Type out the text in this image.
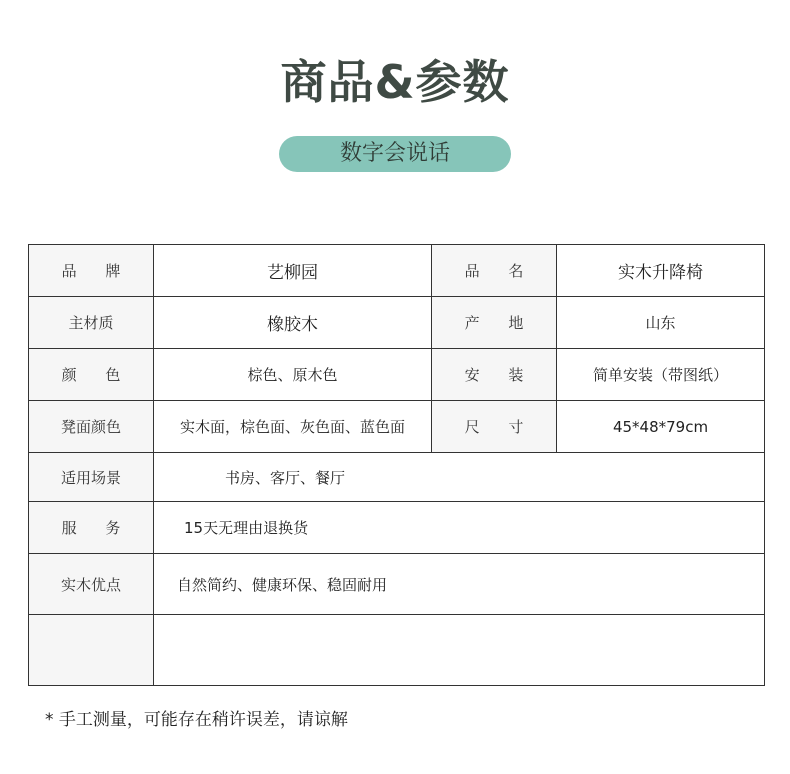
商品&参数
数字会说话
品 牌	艺柳园	品 名	实木升降椅
主材质	橡胶木	产 地	山东
颜 色	棕色、原木色	安 装	简单安装（带图纸）
凳面颜色	实木面，棕色面、灰色面、蓝色面	尺 寸	45*48*79cm
适用场景	书房、客厅、餐厅		
服 务	15天无理由退换货		
实木优点	自然简约、健康环保、稳固耐用		

* 手工测量，可能存在稍许误差，请谅解
